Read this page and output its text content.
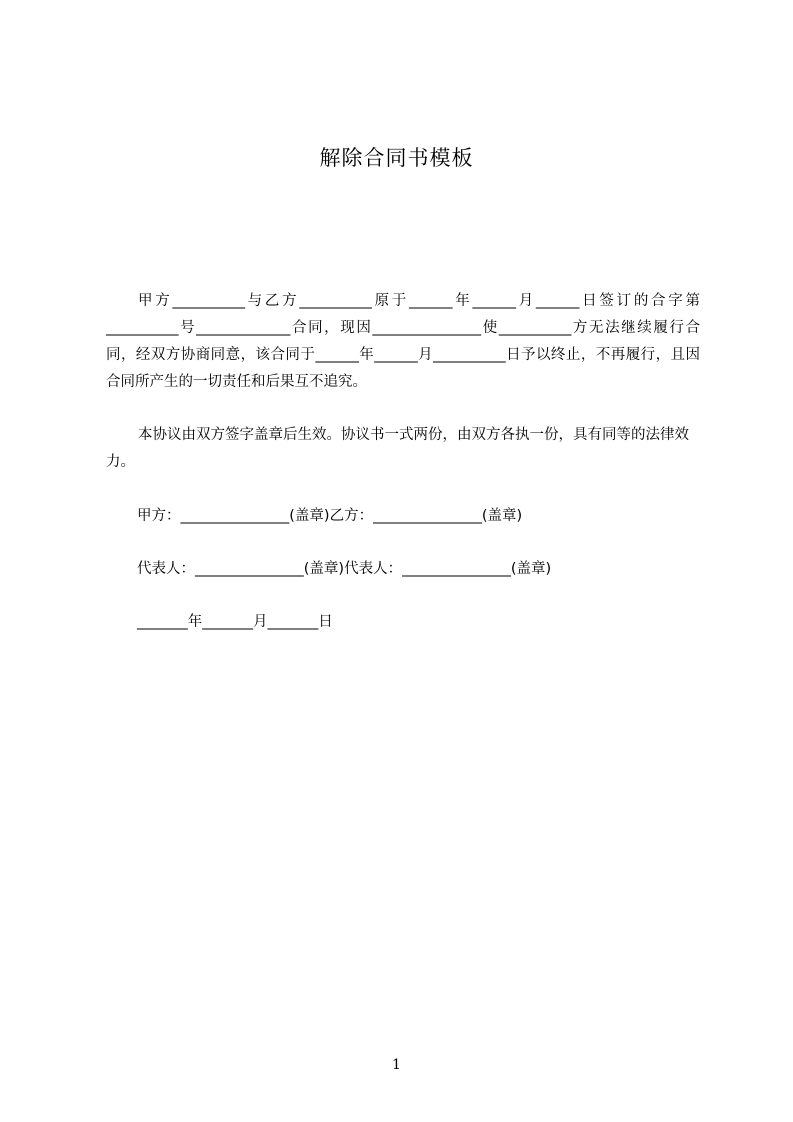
解除合同书模板
甲方__________与乙方__________原于______年______月______日签订的合字第__________号_____________合同，现因_______________使__________方无法继续履行合同，经双方协商同意，该合同于______年______月__________日予以终止，不再履行，且因合同所产生的一切责任和后果互不追究。
本协议由双方签字盖章后生效。协议书一式两份，由双方各执一份，具有同等的法律效力。
甲方：_______________(盖章)乙方：_______________(盖章)
代表人：_______________(盖章)代表人：_______________(盖章)
_______年_______月_______日
1
